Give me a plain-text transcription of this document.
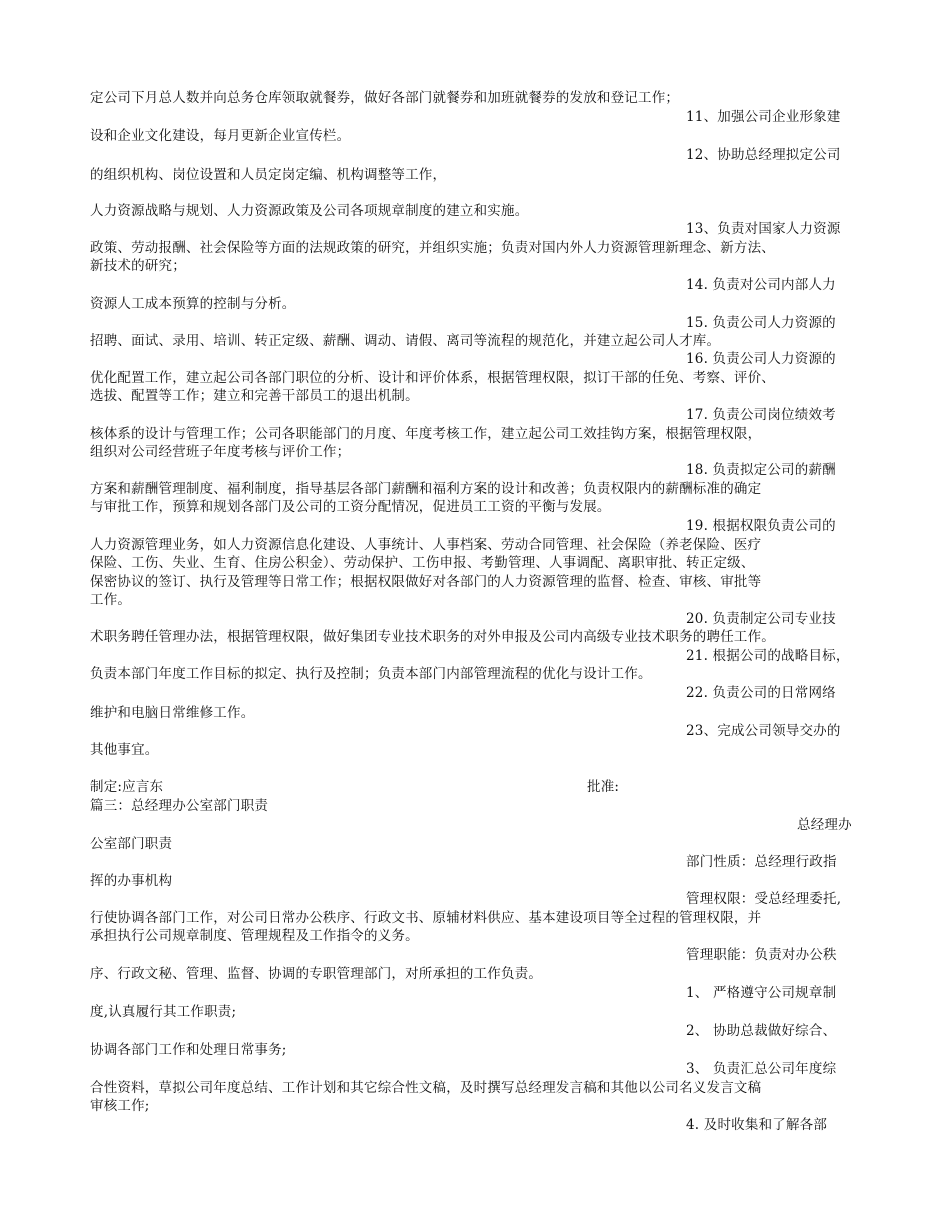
定公司下月总人数并向总务仓库领取就餐券，做好各部门就餐券和加班就餐券的发放和登记工作；
11、加强公司企业形象建
设和企业文化建设，每月更新企业宣传栏。
12、协助总经理拟定公司
的组织机构、岗位设置和人员定岗定编、机构调整等工作，
人力资源战略与规划、人力资源政策及公司各项规章制度的建立和实施。
13、负责对国家人力资源
政策、劳动报酬、社会保险等方面的法规政策的研究，并组织实施；负责对国内外人力资源管理新理念、新方法、
新技术的研究；
14. 负责对公司内部人力
资源人工成本预算的控制与分析。
15. 负责公司人力资源的
招聘、面试、录用、培训、转正定级、薪酬、调动、请假、离司等流程的规范化，并建立起公司人才库。
16. 负责公司人力资源的
优化配置工作，建立起公司各部门职位的分析、设计和评价体系，根据管理权限，拟订干部的任免、考察、评价、
选拔、配置等工作；建立和完善干部员工的退出机制。
17. 负责公司岗位绩效考
核体系的设计与管理工作；公司各职能部门的月度、年度考核工作，建立起公司工效挂钩方案，根据管理权限，
组织对公司经营班子年度考核与评价工作；
18. 负责拟定公司的薪酬
方案和薪酬管理制度、福利制度，指导基层各部门薪酬和福利方案的设计和改善；负责权限内的薪酬标准的确定
与审批工作，预算和规划各部门及公司的工资分配情况，促进员工工资的平衡与发展。
19. 根据权限负责公司的
人力资源管理业务，如人力资源信息化建设、人事统计、人事档案、劳动合同管理、社会保险（养老保险、医疗
保险、工伤、失业、生育、住房公积金）、劳动保护、工伤申报、考勤管理、人事调配、离职审批、转正定级、
保密协议的签订、执行及管理等日常工作；根据权限做好对各部门的人力资源管理的监督、检查、审核、审批等
工作。
20. 负责制定公司专业技
术职务聘任管理办法，根据管理权限，做好集团专业技术职务的对外申报及公司内高级专业技术职务的聘任工作。
21. 根据公司的战略目标，
负责本部门年度工作目标的拟定、执行及控制；负责本部门内部管理流程的优化与设计工作。
22. 负责公司的日常网络
维护和电脑日常维修工作。
23、完成公司领导交办的
其他事宜。
制定:应言东	批准:
篇三：总经理办公室部门职责
总经理办
公室部门职责
部门性质：总经理行政指
挥的办事机构
管理权限：受总经理委托,
行使协调各部门工作，对公司日常办公秩序、行政文书、原辅材料供应、基本建设项目等全过程的管理权限，并
承担执行公司规章制度、管理规程及工作指令的义务。
管理职能：负责对办公秩
序、行政文秘、管理、监督、协调的专职管理部门，对所承担的工作负责。
1、 严格遵守公司规章制
度,认真履行其工作职责;
2、 协助总裁做好综合、
协调各部门工作和处理日常事务;
3、 负责汇总公司年度综
合性资料，草拟公司年度总结、工作计划和其它综合性文稿，及时撰写总经理发言稿和其他以公司名义发言文稿
审核工作;
4. 及时收集和了解各部
